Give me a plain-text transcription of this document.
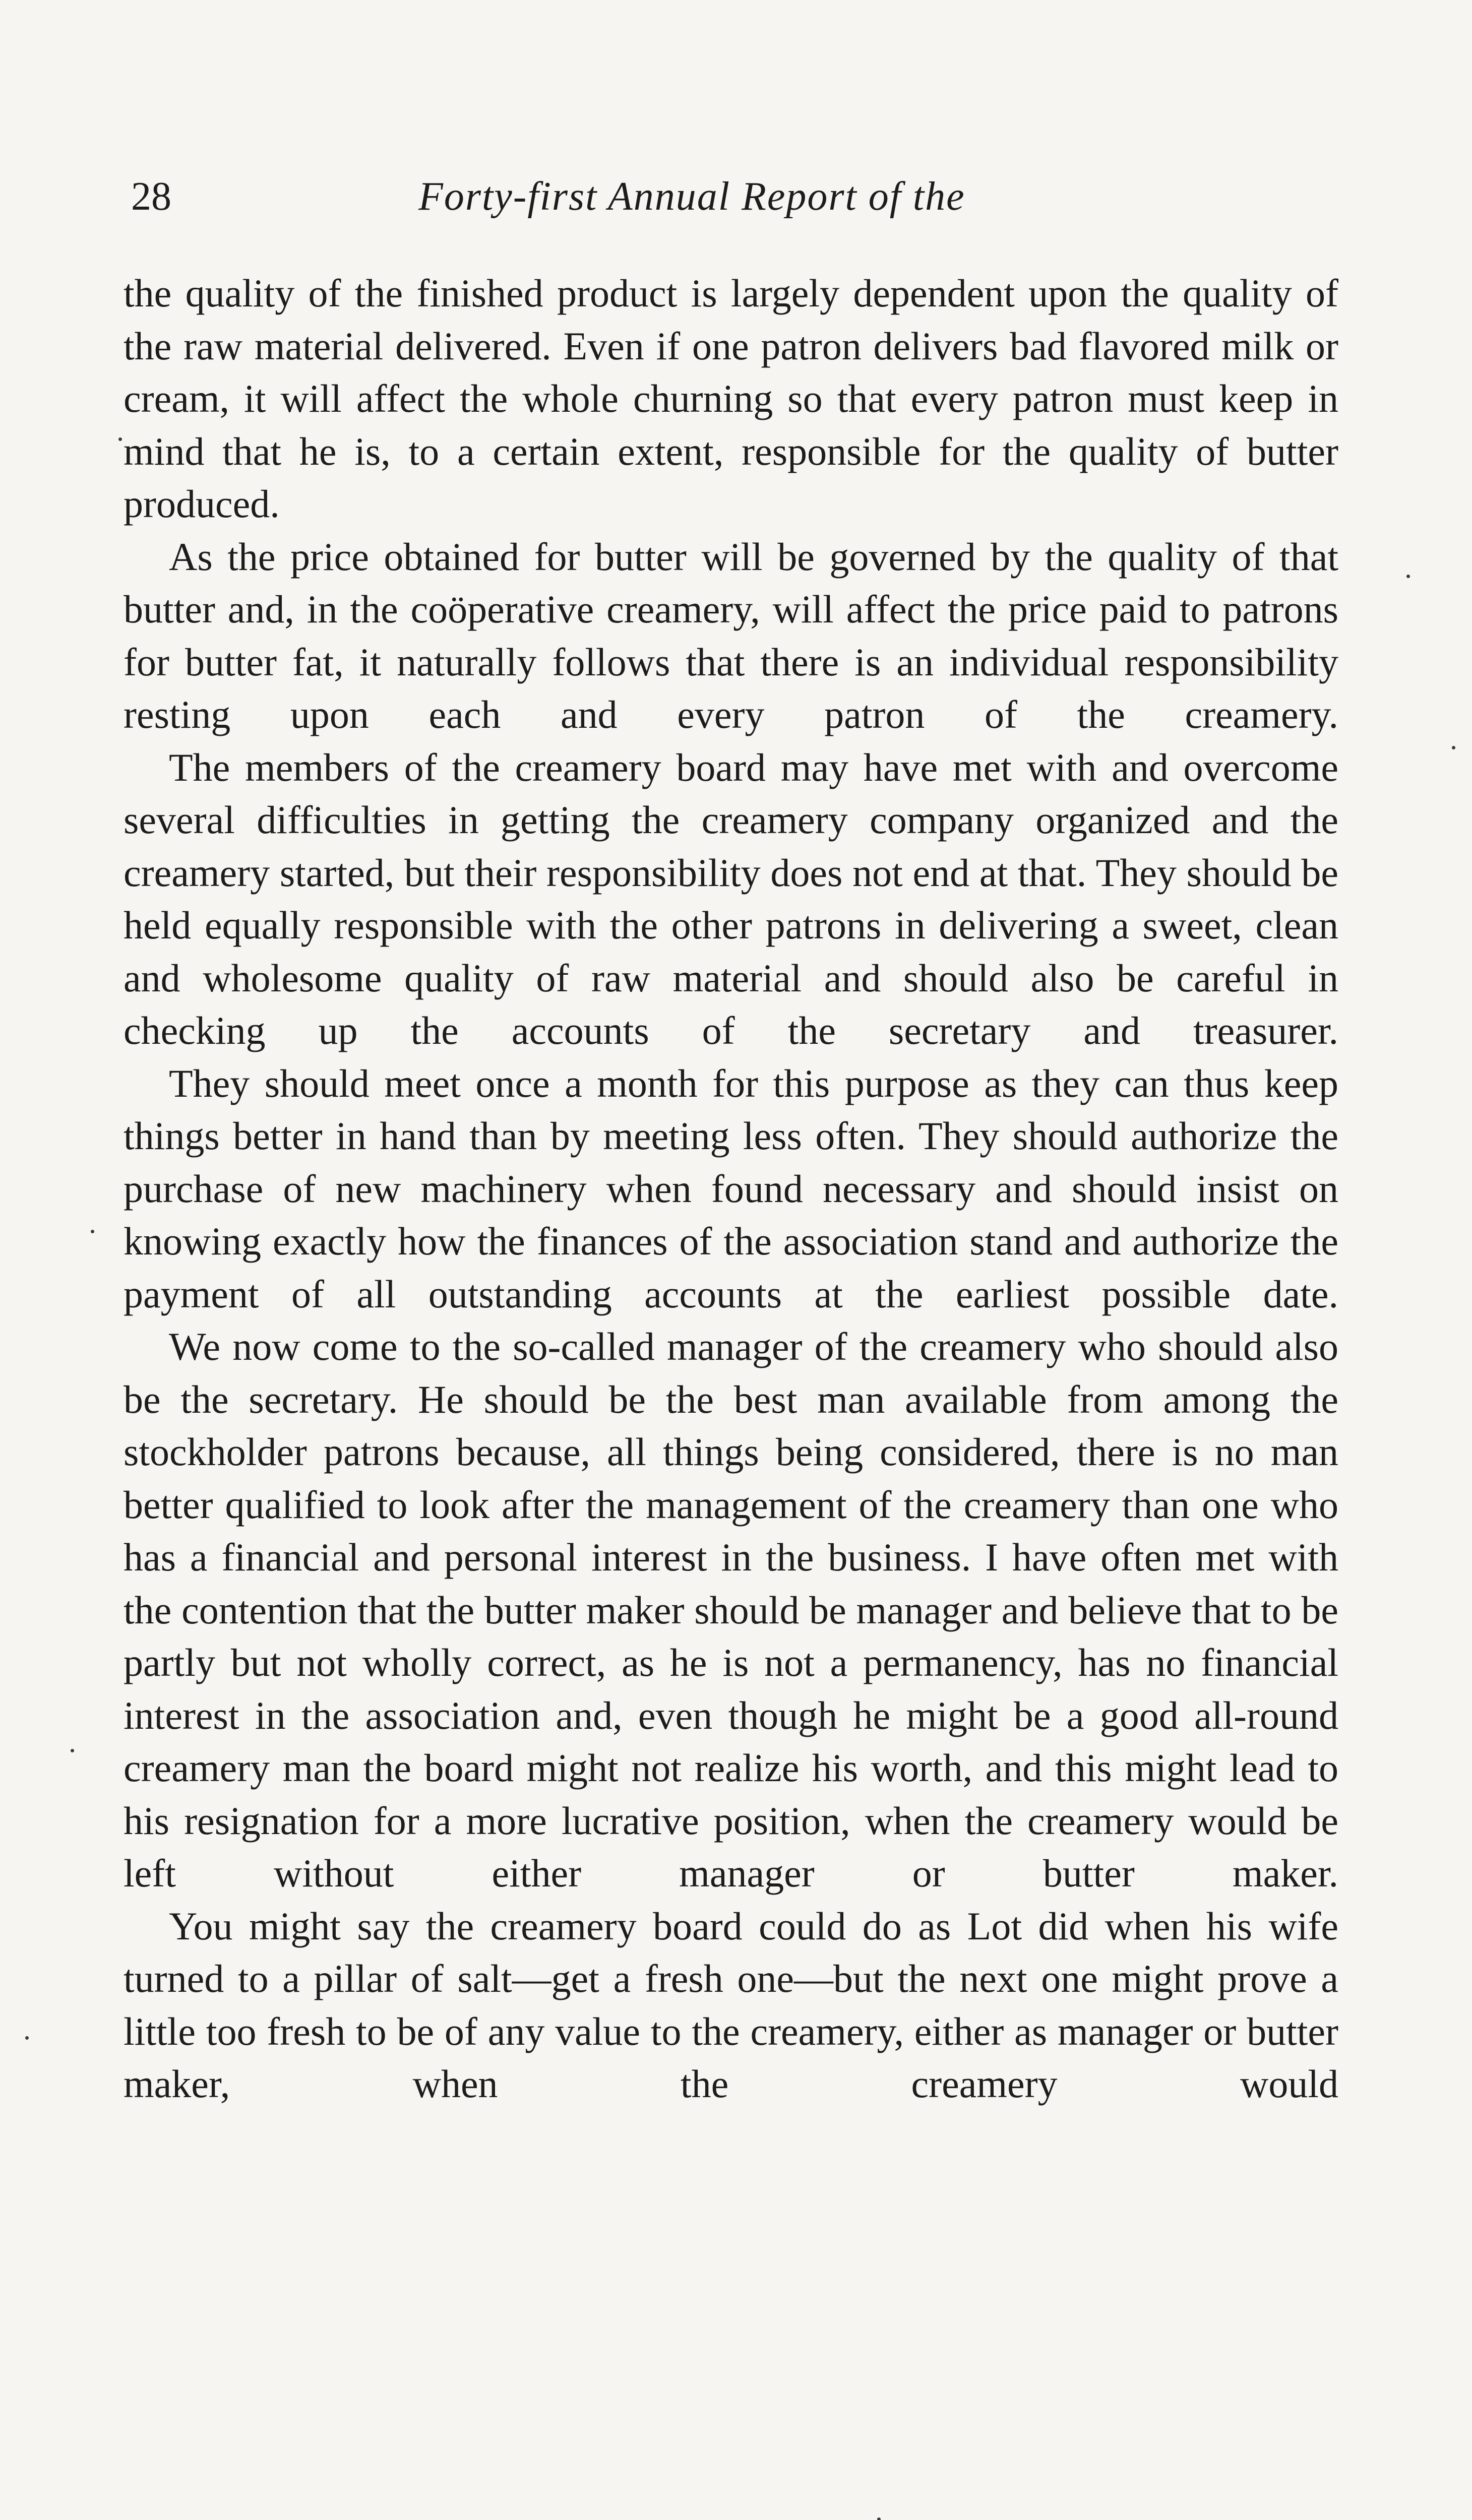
28	Forty-first Annual Report of the

the quality of the finished product is largely dependent upon the quality of the raw material delivered. Even if one patron delivers bad flavored milk or cream, it will affect the whole churning so that every patron must keep in mind that he is, to a certain extent, responsible for the quality of butter produced.

As the price obtained for butter will be governed by the quality of that butter and, in the coöperative creamery, will affect the price paid to patrons for butter fat, it naturally follows that there is an individual responsibility resting upon each and every patron of the creamery.

The members of the creamery board may have met with and overcome several difficulties in getting the creamery company organized and the creamery started, but their responsibility does not end at that. They should be held equally responsible with the other patrons in delivering a sweet, clean and wholesome quality of raw material and should also be careful in checking up the accounts of the secretary and treasurer.

They should meet once a month for this purpose as they can thus keep things better in hand than by meeting less often. They should authorize the purchase of new machinery when found necessary and should insist on knowing exactly how the finances of the association stand and authorize the payment of all outstanding accounts at the earliest possible date.

We now come to the so-called manager of the creamery who should also be the secretary. He should be the best man available from among the stockholder patrons because, all things being considered, there is no man better qualified to look after the management of the creamery than one who has a financial and personal interest in the business. I have often met with the contention that the butter maker should be manager and believe that to be partly but not wholly correct, as he is not a permanency, has no financial interest in the association and, even though he might be a good all-round creamery man the board might not realize his worth, and this might lead to his resignation for a more lucrative position, when the creamery would be left without either manager or butter maker.

You might say the creamery board could do as Lot did when his wife turned to a pillar of salt—get a fresh one—but the next one might prove a little too fresh to be of any value to the creamery, either as manager or butter maker, when the creamery would
